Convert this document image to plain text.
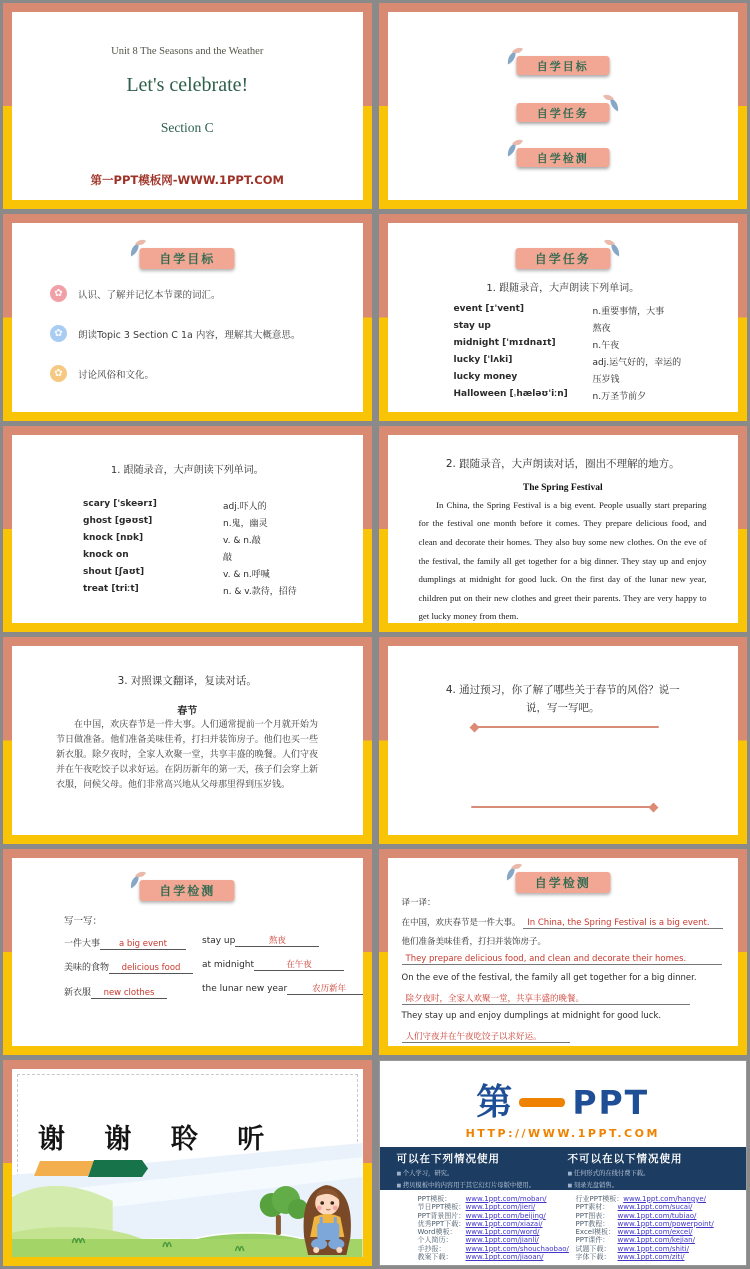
Unit 8 The Seasons and the Weather
Let's celebrate!
Section C
第一PPT模板网-WWW.1PPT.COM
自学目标
自学任务
自学检测
自学目标
✿
认识、了解并记忆本节课的词汇。
✿
朗读Topic 3 Section C 1a 内容，理解其大概意思。
✿
讨论风俗和文化。
自学任务
1. 跟随录音，大声朗读下列单词。
event [ɪ'vent]	n.重要事情，大事
stay up	熬夜
midnight ['mɪdnaɪt]	n.午夜
lucky ['lʌki]	adj.运气好的，幸运的
lucky money	压岁钱
Halloween [ˌhæləʊ'iːn]	n.万圣节前夕
1. 跟随录音，大声朗读下列单词。
scary ['skeərɪ]	adj.吓人的
ghost [gəʊst]	n.鬼，幽灵
knock [nɒk]	v. & n.敲
knock on	敲
shout [ʃaʊt]	v. & n.呼喊
treat [triːt]	n. & v.款待，招待
2. 跟随录音，大声朗读对话，圈出不理解的地方。
The Spring Festival
In China, the Spring Festival is a big event. People usually start preparing for the festival one month before it comes. They prepare delicious food, and clean and decorate their homes. They also buy some new clothes. On the eve of the festival, the family all get together for a big dinner. They stay up and enjoy dumplings at midnight for good luck. On the first day of the lunar new year, children put on their new clothes and greet their parents. They are very happy to get lucky money from them.
3. 对照课文翻译，复读对话。
春节
在中国，欢庆春节是一件大事。人们通常提前一个月就开始为节日做准备。他们准备美味佳肴，打扫并装饰房子。他们也买一些新衣服。除夕夜时，全家人欢聚一堂，共享丰盛的晚餐。人们守夜并在午夜吃饺子以求好运。在阴历新年的第一天，孩子们会穿上新衣服，问候父母。他们非常高兴地从父母那里得到压岁钱。
4. 通过预习，你了解了哪些关于春节的风俗？说一
说，写一写吧。
自学检测
写一写：
一件大事 a big event
美味的食物 delicious food
新衣服 new clothes
stay up	熬夜
at midnight	在午夜
the lunar new year	农历新年
自学检测
译一译：
在中国，欢庆春节是一件大事。 In China, the Spring Festival is a big event.
他们准备美味佳肴，打扫并装饰房子。
They prepare delicious food, and clean and decorate their homes.
On the eve of the festival, the family all get together for a big dinner.
除夕夜时，全家人欢聚一堂，共享丰盛的晚餐。
They stay up and enjoy dumplings at midnight for good luck.
人们守夜并在午夜吃饺子以求好运。
谢 谢 聆 听
第 PPT
HTTP://WWW.1PPT.COM
可以在下列情况使用
■ 个人学习，研究。
■ 拷贝模板中的内容用于其它幻灯片母版中使用。
不可以在以下情况使用
■ 任何形式的在线付费下载。
■ 刻录光盘销售。
PPT模板： www.1ppt.com/moban/
节日PPT模板：www.1ppt.com/jieri/
PPT背景图片：www.1ppt.com/beijing/
优秀PPT下载：www.1ppt.com/xiazai/
Word模板： www.1ppt.com/word/
个人简历： www.1ppt.com/jianli/
手抄报：	www.1ppt.com/shouchaobao/
教案下载： www.1ppt.com/jiaoan/
行业PPT模板：www.1ppt.com/hangye/
PPT素材： www.1ppt.com/sucai/
PPT图表： www.1ppt.com/tubiao/
PPT教程： www.1ppt.com/powerpoint/
Excel模板： www.1ppt.com/excel/
PPT课件： www.1ppt.com/kejian/
试题下载： www.1ppt.com/shiti/
字体下载： www.1ppt.com/ziti/
